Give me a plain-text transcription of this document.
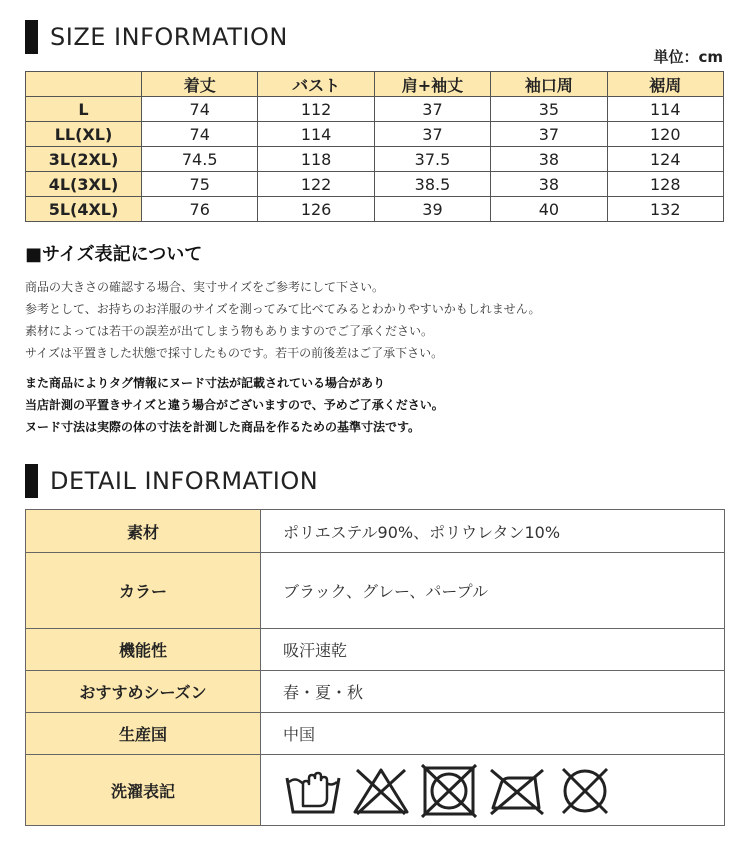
SIZE INFORMATION
単位：cm
	着丈	バスト	肩+袖丈	袖口周	裾周
L	74	112	37	35	114
LL(XL)	74	114	37	37	120
3L(2XL)	74.5	118	37.5	38	124
4L(3XL)	75	122	38.5	38	128
5L(4XL)	76	126	39	40	132
■サイズ表記について

商品の大きさの確認する場合、実寸サイズをご参考にして下さい。

参考として、お持ちのお洋服のサイズを測ってみて比べてみるとわかりやすいかもしれません。

素材によっては若干の誤差が出てしまう物もありますのでご了承ください。

サイズは平置きした状態で採寸したものです。若干の前後差はご了承下さい。

また商品によりタグ情報にヌード寸法が記載されている場合があり

当店計測の平置きサイズと違う場合がございますので、予めご了承ください。

ヌード寸法は実際の体の寸法を計測した商品を作るための基準寸法です。

DETAIL INFORMATION
素材	ポリエステル90%、ポリウレタン10%
カラー	ブラック、グレー、パープル
機能性	吸汗速乾
おすすめシーズン	春・夏・秋
生産国	中国
洗濯表記	
